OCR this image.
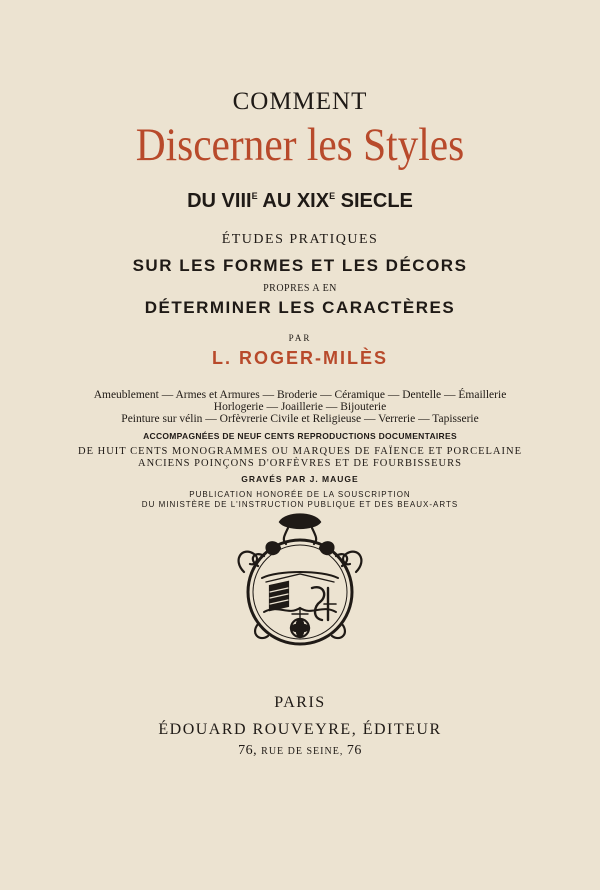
COMMENT
Discerner les Styles
DU $VIII^E$ AU $XIX^E$ SIECLE
ÉTUDES PRATIQUES
SUR LES FORMES ET LES DÉCORS
PROPRES A EN
DÉTERMINER LES CARACTÈRES
PAR
L. ROGER-MILÈS
Ameublement — Armes et Armures — Broderie — Céramique — Dentelle — Émaillerie
Horlogerie — Joaillerie — Bijouterie
Peinture sur vélin — Orfèvrerie Civile et Religieuse — Verrerie — Tapisserie
ACCOMPAGNÉES DE NEUF CENTS REPRODUCTIONS DOCUMENTAIRES
DE HUIT CENTS MONOGRAMMES OU MARQUES DE FAÏENCE ET PORCELAINE
ANCIENS POINÇONS D'ORFÈVRES ET DE FOURBISSEURS
GRAVÉS PAR J. MAUGE
PUBLICATION HONORÉE DE LA SOUSCRIPTION
DU MINISTÈRE DE L'INSTRUCTION PUBLIQUE ET DES BEAUX-ARTS
PARIS
ÉDOUARD ROUVEYRE, ÉDITEUR
76, RUE DE SEINE, 76
